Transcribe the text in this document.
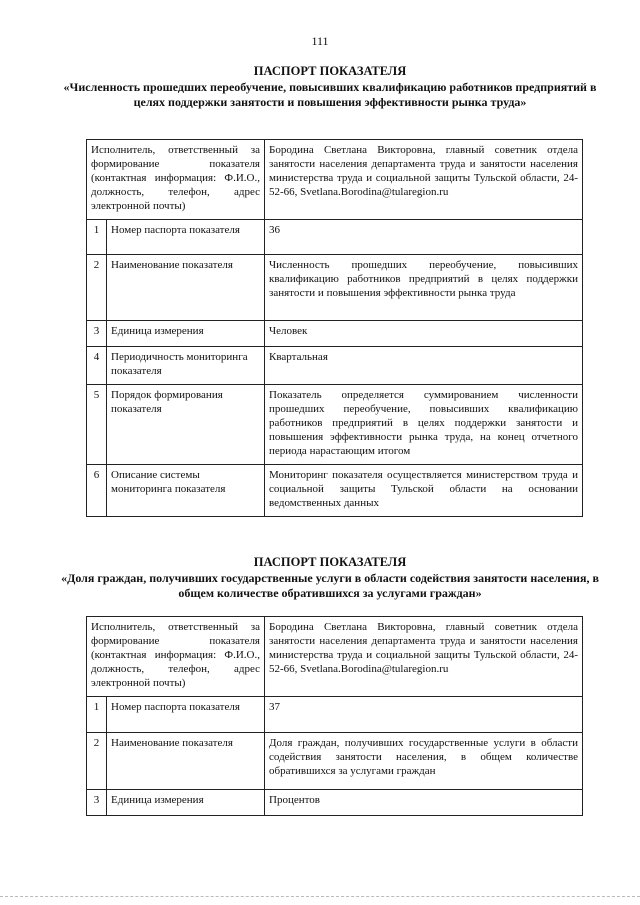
111
ПАСПОРТ ПОКАЗАТЕЛЯ
«Численность прошедших переобучение, повысивших квалификацию работников предприятий в целях поддержки занятости и повышения эффективности рынка труда»
Исполнитель, ответственный за формирование показателя (контактная информация: Ф.И.О., должность, телефон, адрес электронной почты)		Бородина Светлана Викторовна, главный советник отдела занятости населения департамента труда и занятости населения министерства труда и социальной защиты Тульской области, 24-52-66, Svetlana.Borodina@tularegion.ru
1	Номер паспорта показателя	36
2	Наименование показателя	Численность прошедших переобучение, повысивших квалификацию работников предприятий в целях поддержки занятости и повышения эффективности рынка труда
3	Единица измерения	Человек
4	Периодичность мониторинга показателя	Квартальная
5	Порядок формирования показателя	Показатель определяется суммированием численности прошедших переобучение, повысивших квалификацию работников предприятий в целях поддержки занятости и повышения эффективности рынка труда, на конец отчетного периода нарастающим итогом
6	Описание системы мониторинга показателя	Мониторинг показателя осуществляется министерством труда и социальной защиты Тульской области на основании ведомственных данных
ПАСПОРТ ПОКАЗАТЕЛЯ
«Доля граждан, получивших государственные услуги в области содействия занятости населения, в общем количестве обратившихся за услугами граждан»
Исполнитель, ответственный за формирование показателя (контактная информация: Ф.И.О., должность, телефон, адрес электронной почты)		Бородина Светлана Викторовна, главный советник отдела занятости населения департамента труда и занятости населения министерства труда и социальной защиты Тульской области, 24-52-66, Svetlana.Borodina@tularegion.ru
1	Номер паспорта показателя	37
2	Наименование показателя	Доля граждан, получивших государственные услуги в области содействия занятости населения, в общем количестве обратившихся за услугами граждан
3	Единица измерения	Процентов
